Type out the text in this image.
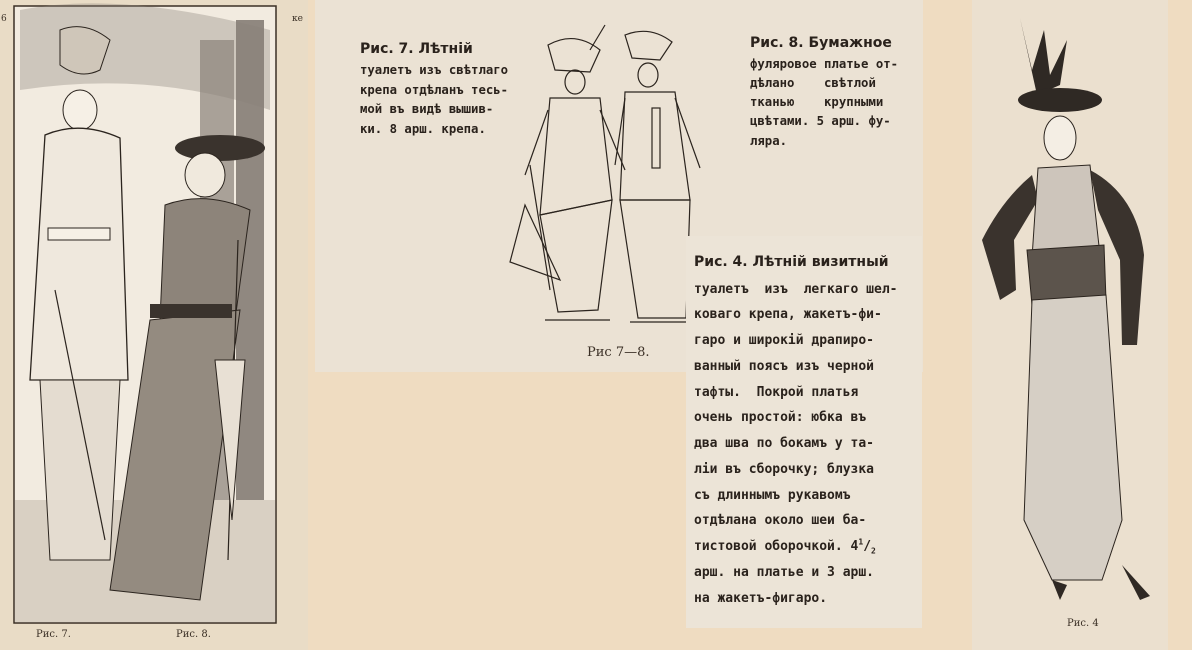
6	ке
Рис. 7.	Рис. 8.
Рис. 7. Лѣтній
туалетъ изъ свѣтлаго
крепа отдѣланъ тесь-
мой въ видѣ вышив-
ки. 8 арш. крепа.
Рис. 8. Бумажное
фуляровое платье от-
дѣлано    свѣтлой
тканью    крупными
цвѣтами. 5 арш. фу-
ляра.
Рис 7—8.
Рис. 4. Лѣтній визитный
туалетъ  изъ  легкаго шел-
коваго крепа, жакетъ-фи-
гаро и широкій драпиро-
ванный поясъ изъ черной
тафты.  Покрой платья
очень простой: юбка въ
два шва по бокамъ у та-
ліи въ сборочку; блузка
съ длиннымъ рукавомъ
отдѣлана около шеи ба-
тистовой оборочкой. $4^1/_2$
арш. на платье и 3 арш.
на жакетъ-фигаро.
Рис. 4
